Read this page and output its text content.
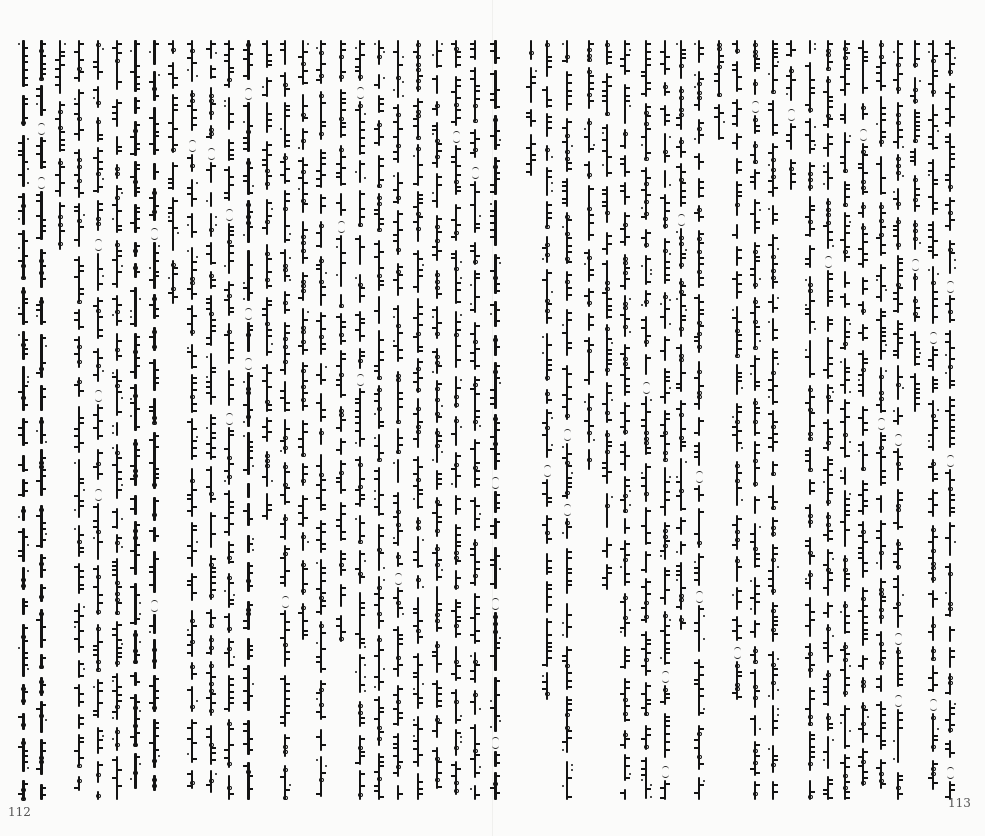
112
113
